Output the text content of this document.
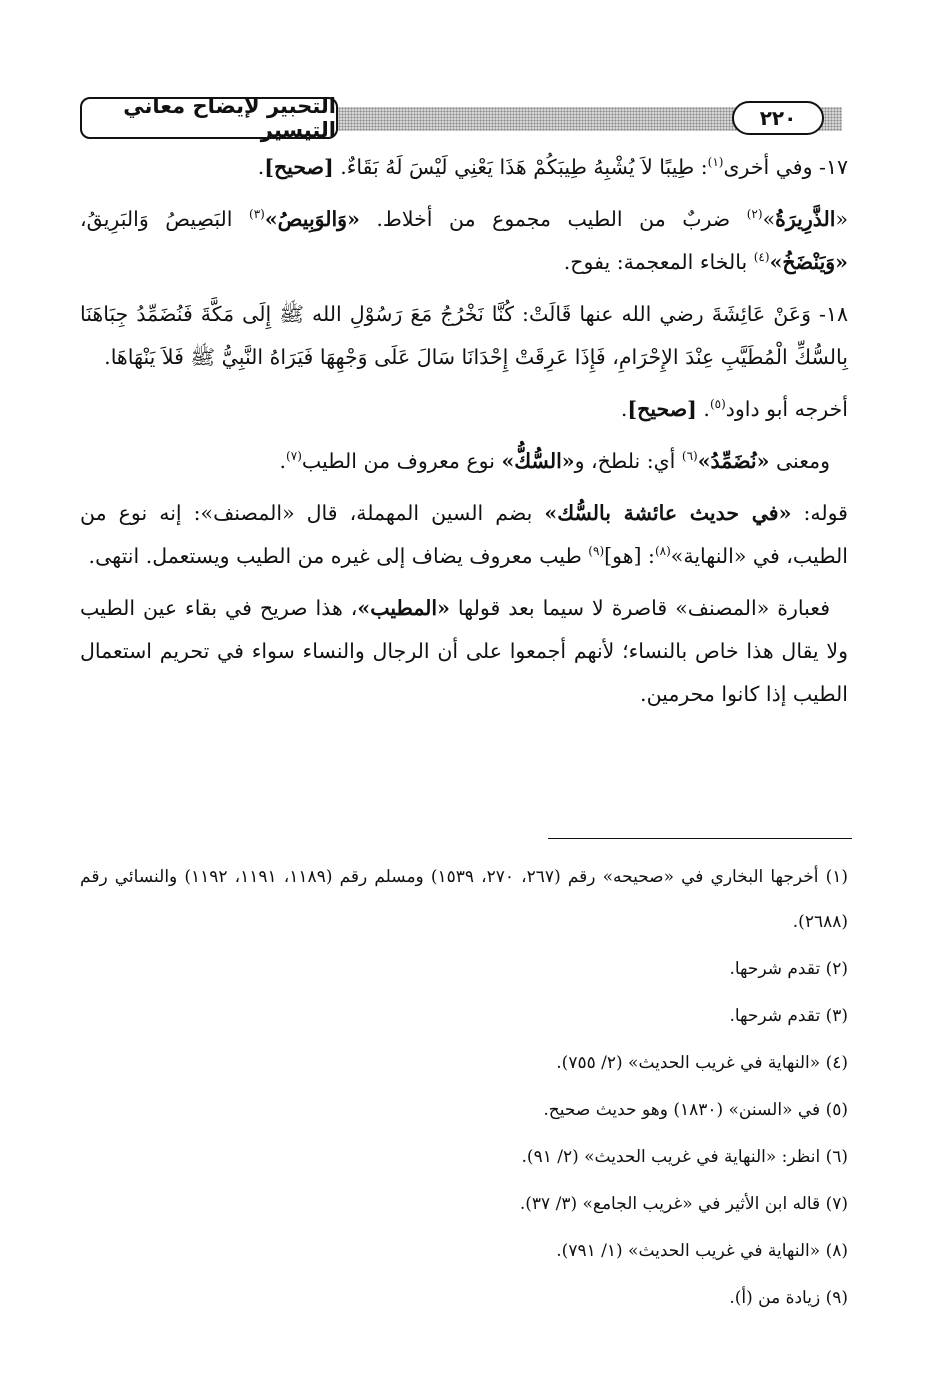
التحبير لإيضاح معاني التيسير	٢٢٠

١٧- وفي أخرى$^{(١)}$: طِيبًا لاَ يُشْبِهُ طِيبَكُمْ هَذَا يَعْنِي لَيْسَ لَهُ بَقَاءٌ. [صحيح].

«الذَّرِيرَةُ»$^{(٢)}$ ضربٌ من الطيب مجموع من أخلاط. «وَالوَبِيصُ»$^{(٣)}$ البَصِيصُ وَالبَرِيقُ، «وَيَنْضَخُ»$^{(٤)}$ بالخاء المعجمة: يفوح.

١٨- وَعَنْ عَائِشَةَ رضي الله عنها قَالَتْ: كُنَّا نَخْرُجُ مَعَ رَسُوْلِ الله ﷺ إِلَى مَكَّةَ فَنُضَمِّدُ جِبَاهَنَا بِالسُّكِّ الْمُطَيَّبِ عِنْدَ الإِحْرَامِ، فَإِذَا عَرِقَتْ إِحْدَانَا سَالَ عَلَى وَجْهِهَا فَيَرَاهُ النَّبِيُّ ﷺ فَلاَ يَنْهَاهَا.

أخرجه أبو داود$^{(٥)}$. [صحيح].

ومعنى «نُضَمِّدُ»$^{(٦)}$ أي: نلطخ، و«السُّكُّ» نوع معروف من الطيب$^{(٧)}$.

قوله: «في حديث عائشة بالسُّك» بضم السين المهملة، قال «المصنف»: إنه نوع من الطيب، في «النهاية»$^{(٨)}$: [هو]$^{(٩)}$ طيب معروف يضاف إلى غيره من الطيب ويستعمل. انتهى.

فعبارة «المصنف» قاصرة لا سيما بعد قولها «المطيب»، هذا صريح في بقاء عين الطيب ولا يقال هذا خاص بالنساء؛ لأنهم أجمعوا على أن الرجال والنساء سواء في تحريم استعمال الطيب إذا كانوا محرمين.

(١) أخرجها البخاري في «صحيحه» رقم (٢٦٧، ٢٧٠، ١٥٣٩) ومسلم رقم (١١٨٩، ١١٩١، ١١٩٢) والنسائي رقم (٢٦٨٨).
(٢) تقدم شرحها.
(٣) تقدم شرحها.
(٤) «النهاية في غريب الحديث» (٢/ ٧٥٥).
(٥) في «السنن» (١٨٣٠) وهو حديث صحيح.
(٦) انظر: «النهاية في غريب الحديث» (٢/ ٩١).
(٧) قاله ابن الأثير في «غريب الجامع» (٣/ ٣٧).
(٨) «النهاية في غريب الحديث» (١/ ٧٩١).
(٩) زيادة من (أ).
